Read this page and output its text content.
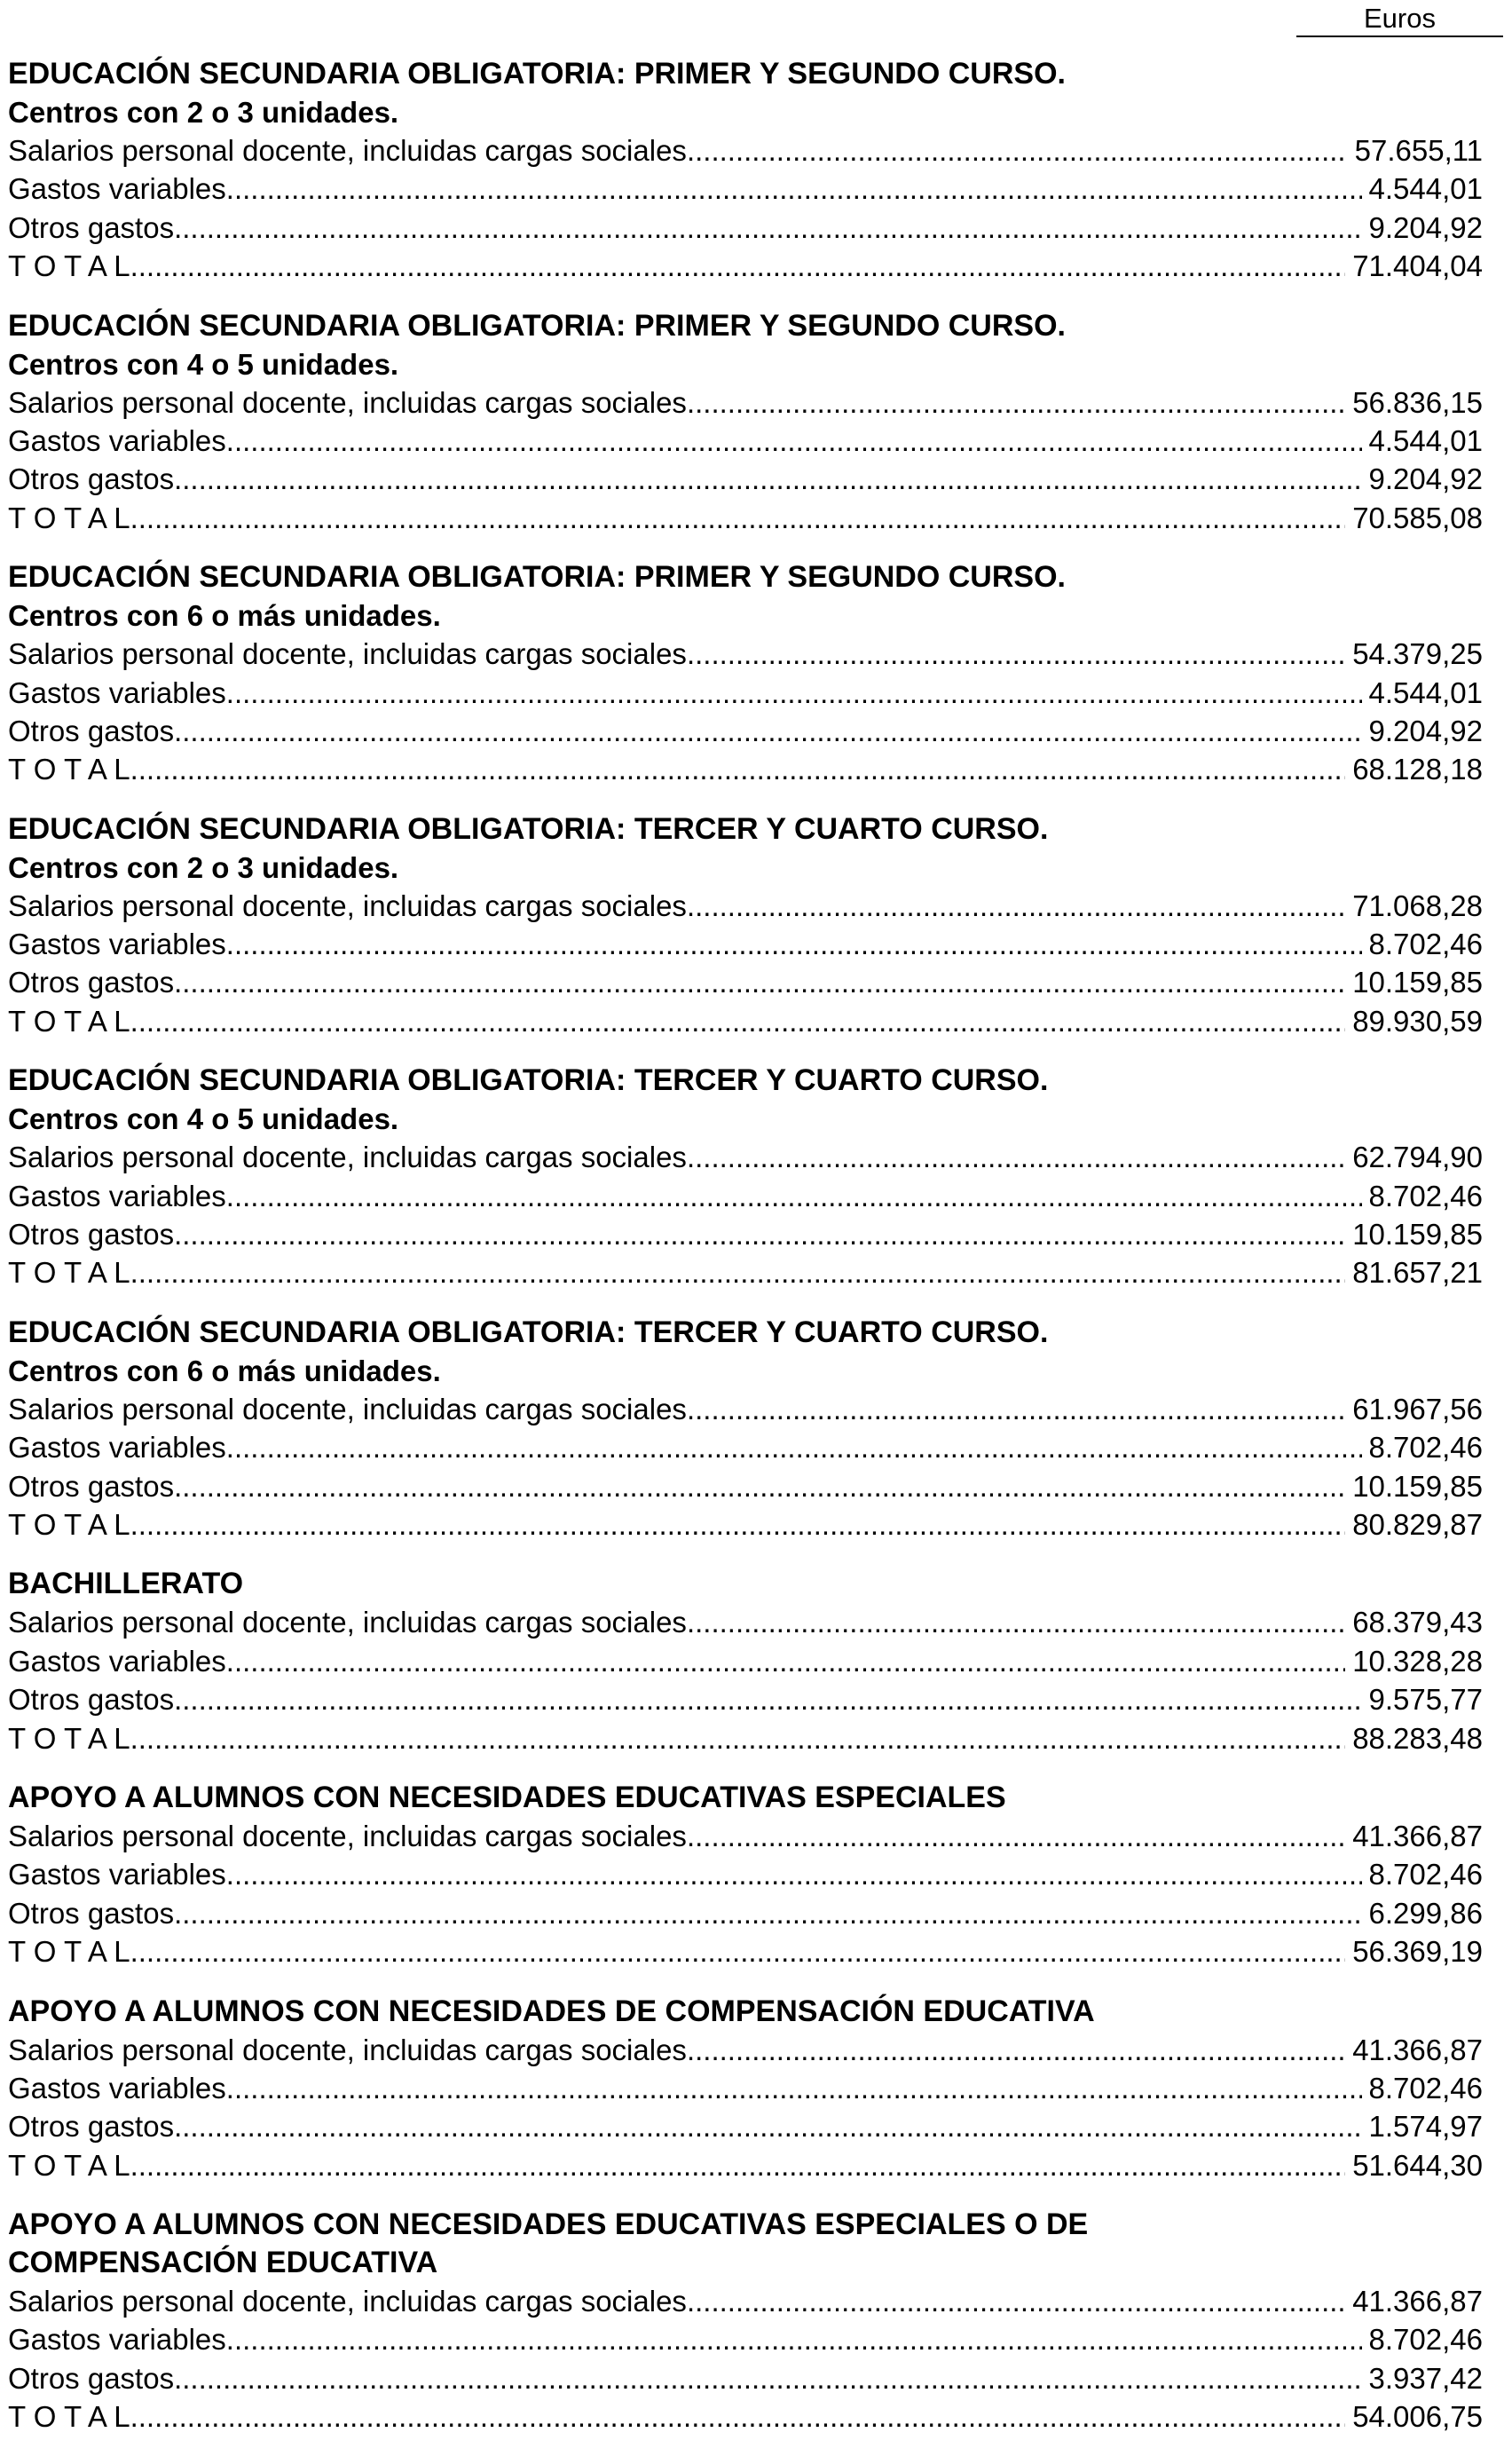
Euros
EDUCACIÓN SECUNDARIA OBLIGATORIA: PRIMER Y SEGUNDO CURSO.
Centros con 2 o 3 unidades.
Salarios personal docente, incluidas cargas sociales .....	57.655,11
Gastos variables .....	4.544,01
Otros gastos .....	9.204,92
T O T A L .....	71.404,04
EDUCACIÓN SECUNDARIA OBLIGATORIA: PRIMER Y SEGUNDO CURSO.
Centros con 4 o 5 unidades.
Salarios personal docente, incluidas cargas sociales .....	56.836,15
Gastos variables .....	4.544,01
Otros gastos .....	9.204,92
T O T A L .....	70.585,08
EDUCACIÓN SECUNDARIA OBLIGATORIA: PRIMER Y SEGUNDO CURSO.
Centros con 6 o más unidades.
Salarios personal docente, incluidas cargas sociales .....	54.379,25
Gastos variables .....	4.544,01
Otros gastos .....	9.204,92
T O T A L .....	68.128,18
EDUCACIÓN SECUNDARIA OBLIGATORIA: TERCER Y CUARTO CURSO.
Centros con 2 o 3 unidades.
Salarios personal docente, incluidas cargas sociales .....	71.068,28
Gastos variables .....	8.702,46
Otros gastos .....	10.159,85
T O T A L .....	89.930,59
EDUCACIÓN SECUNDARIA OBLIGATORIA: TERCER Y CUARTO CURSO.
Centros con 4 o 5 unidades.
Salarios personal docente, incluidas cargas sociales .....	62.794,90
Gastos variables .....	8.702,46
Otros gastos .....	10.159,85
T O T A L .....	81.657,21
EDUCACIÓN SECUNDARIA OBLIGATORIA: TERCER Y CUARTO CURSO.
Centros con 6 o más unidades.
Salarios personal docente, incluidas cargas sociales .....	61.967,56
Gastos variables .....	8.702,46
Otros gastos .....	10.159,85
T O T A L .....	80.829,87
BACHILLERATO
Salarios personal docente, incluidas cargas sociales .....	68.379,43
Gastos variables .....	10.328,28
Otros gastos .....	9.575,77
T O T A L .....	88.283,48
APOYO A ALUMNOS CON NECESIDADES EDUCATIVAS ESPECIALES
Salarios personal docente, incluidas cargas sociales .....	41.366,87
Gastos variables .....	8.702,46
Otros gastos .....	6.299,86
T O T A L .....	56.369,19
APOYO A ALUMNOS CON NECESIDADES DE COMPENSACIÓN EDUCATIVA
Salarios personal docente, incluidas cargas sociales .....	41.366,87
Gastos variables .....	8.702,46
Otros gastos .....	1.574,97
T O T A L .....	51.644,30
APOYO A ALUMNOS CON NECESIDADES EDUCATIVAS ESPECIALES O DE
COMPENSACIÓN EDUCATIVA
Salarios personal docente, incluidas cargas sociales .....	41.366,87
Gastos variables .....	8.702,46
Otros gastos .....	3.937,42
T O T A L .....	54.006,75
